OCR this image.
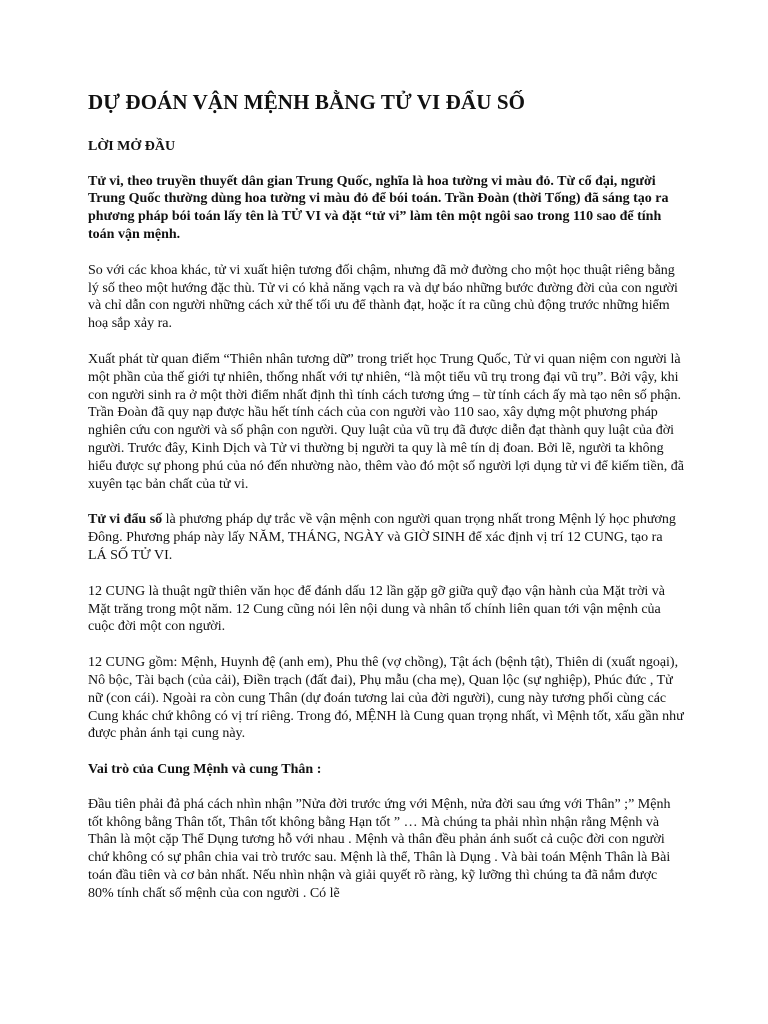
DỰ ĐOÁN VẬN MỆNH BẰNG TỬ VI ĐẨU SỐ
LỜI MỞ ĐẦU

Tử vi, theo truyền thuyết dân gian Trung Quốc, nghĩa là hoa tường vi màu đỏ. Từ cổ đại, người Trung Quốc thường dùng hoa tường vi màu đỏ để bói toán. Trần Đoàn (thời Tống) đã sáng tạo ra phương pháp bói toán lấy tên là TỬ VI và đặt “tử vi” làm tên một ngôi sao trong 110 sao để tính toán vận mệnh.

So với các khoa khác, tử vi xuất hiện tương đối chậm, nhưng đã mở đường cho một học thuật riêng bằng lý số theo một hướng đặc thù. Tử vi có khả năng vạch ra và dự báo những bước đường đời của con người và chỉ dẫn con người những cách xử thế tối ưu để thành đạt, hoặc ít ra cũng chủ động trước những hiểm hoạ sắp xảy ra.

Xuất phát từ quan điểm “Thiên nhân tương dữ” trong triết học Trung Quốc, Tử vi quan niệm con người là một phần của thế giới tự nhiên, thống nhất với tự nhiên, “là một tiểu vũ trụ trong đại vũ trụ”. Bởi vậy, khi con người sinh ra ở một thời điểm nhất định thì tính cách tương ứng – từ tính cách ấy mà tạo nên số phận. Trần Đoàn đã quy nạp được hầu hết tính cách của con người vào 110 sao, xây dựng một phương pháp nghiên cứu con người và số phận con người. Quy luật của vũ trụ đã được diễn đạt thành quy luật của đời người. Trước đây, Kinh Dịch và Tử vi thường bị người ta quy là mê tín dị đoan. Bởi lẽ, người ta không hiểu được sự phong phú của nó đến nhường nào, thêm vào đó một số người lợi dụng tử vi để kiếm tiền, đã xuyên tạc bản chất của tử vi.

Tử vi đẩu số là phương pháp dự trắc về vận mệnh con người quan trọng nhất trong Mệnh lý học phương Đông. Phương pháp này lấy NĂM, THÁNG, NGÀY và GIỜ SINH để xác định vị trí 12 CUNG, tạo ra LÁ SỐ TỬ VI.

12 CUNG là thuật ngữ thiên văn học để đánh dấu 12 lần gặp gỡ giữa quỹ đạo vận hành của Mặt trời và Mặt trăng trong một năm. 12 Cung cũng nói lên nội dung và nhân tố chính liên quan tới vận mệnh của cuộc đời một con người.

12 CUNG gồm: Mệnh, Huynh đệ (anh em), Phu thê (vợ chồng), Tật ách (bệnh tật), Thiên di (xuất ngoại), Nô bộc, Tài bạch (của cải), Điền trạch (đất đai), Phụ mẫu (cha mẹ), Quan lộc (sự nghiệp), Phúc đức , Tử nữ (con cái). Ngoài ra còn cung Thân (dự đoán tương lai của đời người), cung này tương phối cùng các Cung khác chứ không có vị trí riêng. Trong đó, MỆNH là Cung quan trọng nhất, vì Mệnh tốt, xấu gần như được phản ánh tại cung này.

Vai trò của Cung Mệnh và cung Thân :

Đầu tiên phải đả phá cách nhìn nhận ”Nửa đời trước ứng với Mệnh, nửa đời sau ứng với Thân” ;” Mệnh tốt không bằng Thân tốt, Thân tốt không bằng Hạn tốt ” … Mà chúng ta phải nhìn nhận rằng Mệnh và Thân là một cặp Thể Dụng tương hỗ với nhau . Mệnh và thân đều phản ánh suốt cả cuộc đời con người chứ không có sự phân chia vai trò trước sau. Mệnh là thể, Thân là Dụng . Và bài toán Mệnh Thân là Bài toán đầu tiên và cơ bản nhất. Nếu nhìn nhận và giải quyết rõ ràng, kỹ lưỡng thì chúng ta đã nắm được 80% tính chất số mệnh của con người . Có lẽ
